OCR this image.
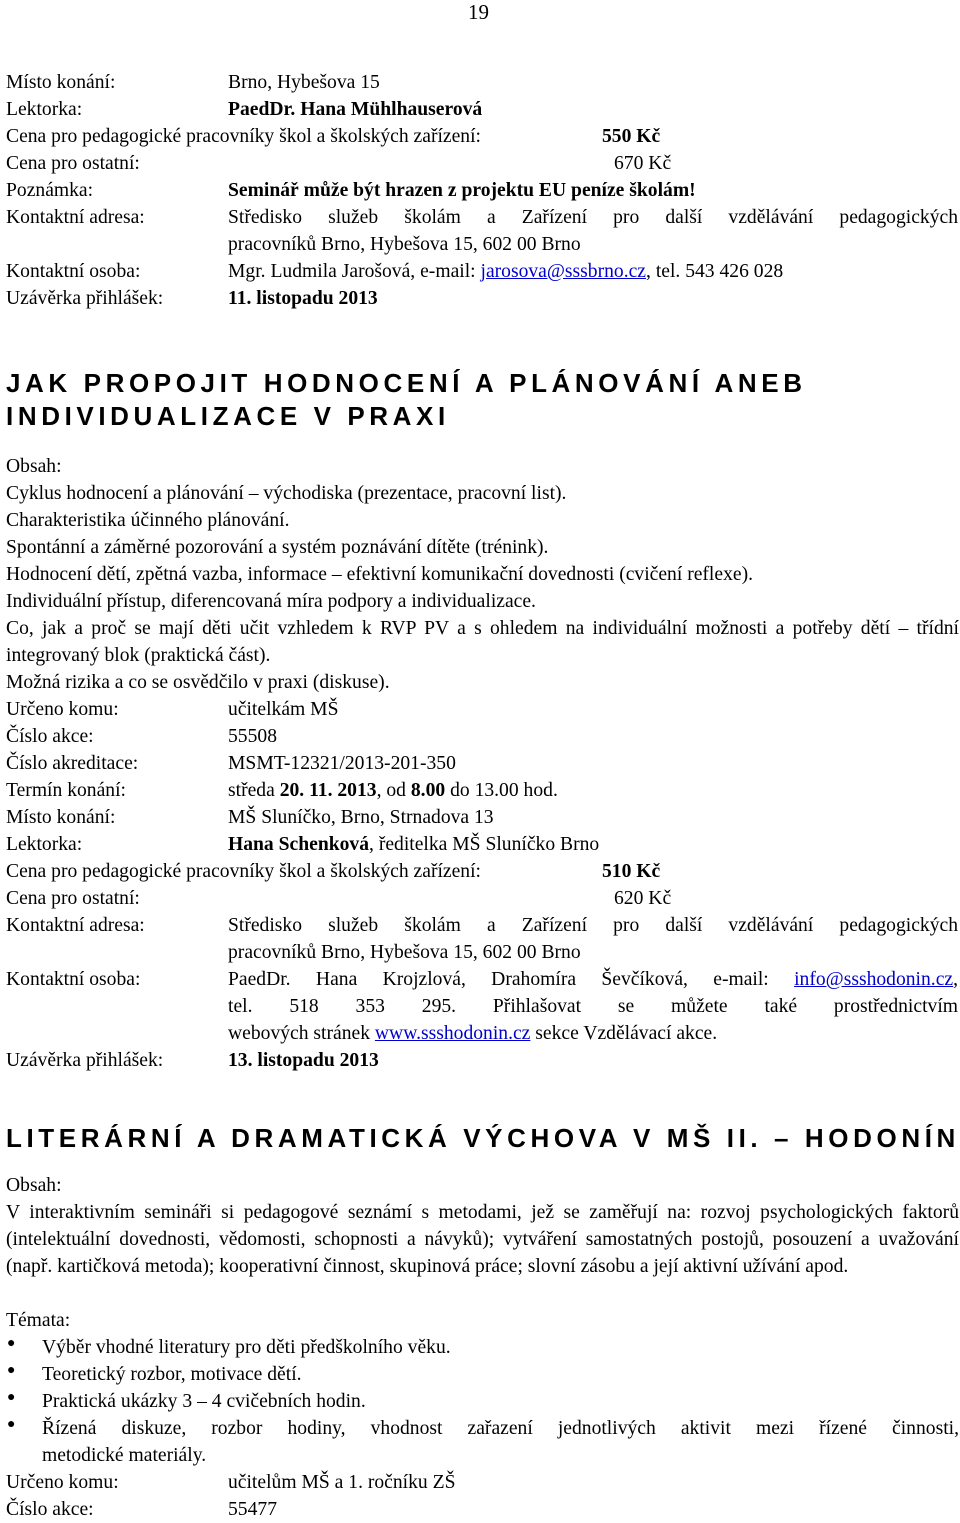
19
Místo konání:	Brno, Hybešova 15
Lektorka:	PaedDr. Hana Mühlhauserová
Cena pro pedagogické pracovníky škol a školských zařízení:	550 Kč
Cena pro ostatní:	670 Kč
Poznámka:	Seminář může být hrazen z projektu EU peníze školám!
Kontaktní adresa:	Středisko služeb školám a Zařízení pro další vzdělávání pedagogických
pracovníků Brno, Hybešova 15, 602 00 Brno
Kontaktní osoba:	Mgr. Ludmila Jarošová, e-mail: jarosova@sssbrno.cz, tel. 543 426 028
Uzávěrka přihlášek:	11. listopadu 2013
JAK PROPOJIT HODNOCENÍ A PLÁNOVÁNÍ ANEB
INDIVIDUALIZACE V PRAXI
Obsah:
Cyklus hodnocení a plánování – východiska (prezentace, pracovní list).
Charakteristika účinného plánování.
Spontánní a záměrné pozorování a systém poznávání dítěte (trénink).
Hodnocení dětí, zpětná vazba, informace – efektivní komunikační dovednosti (cvičení reflexe).
Individuální přístup, diferencovaná míra podpory a individualizace.
Co, jak a proč se mají děti učit vzhledem k RVP PV a s ohledem na individuální možnosti a potřeby dětí – třídní integrovaný blok (praktická část).
Možná rizika a co se osvědčilo v praxi (diskuse).
Určeno komu:	učitelkám MŠ
Číslo akce:	55508
Číslo akreditace:	MSMT-12321/2013-201-350
Termín konání:	středa 20. 11. 2013, od 8.00 do 13.00 hod.
Místo konání:	MŠ Sluníčko, Brno, Strnadova 13
Lektorka:	Hana Schenková, ředitelka MŠ Sluníčko Brno
Cena pro pedagogické pracovníky škol a školských zařízení:	510 Kč
Cena pro ostatní:	620 Kč
Kontaktní adresa:	Středisko služeb školám a Zařízení pro další vzdělávání pedagogických
pracovníků Brno, Hybešova 15, 602 00 Brno
Kontaktní osoba:	PaedDr. Hana Krojzlová, Drahomíra Ševčíková, e-mail: info@ssshodonin.cz,
tel. 518 353 295. Přihlašovat se můžete také prostřednictvím
webových stránek www.ssshodonin.cz sekce Vzdělávací akce.
Uzávěrka přihlášek:	13. listopadu 2013
LITERÁRNÍ A DRAMATICKÁ VÝCHOVA V MŠ II. – HODONÍN
Obsah:
V interaktivním semináři si pedagogové seznámí s metodami, jež se zaměřují na: rozvoj psychologických faktorů (intelektuální dovednosti, vědomosti, schopnosti a návyků); vytváření samostatných postojů, posouzení a uvažování (např. kartičková metoda); kooperativní činnost, skupinová práce; slovní zásobu a její aktivní užívání apod.
Témata:
● Výběr vhodné literatury pro děti předškolního věku.
● Teoretický rozbor, motivace dětí.
● Praktická ukázky 3 – 4 cvičebních hodin.
● Řízená diskuze, rozbor hodiny, vhodnost zařazení jednotlivých aktivit mezi řízené činnosti,
metodické materiály.
Určeno komu:	učitelům MŠ a 1. ročníku ZŠ
Číslo akce:	55477
